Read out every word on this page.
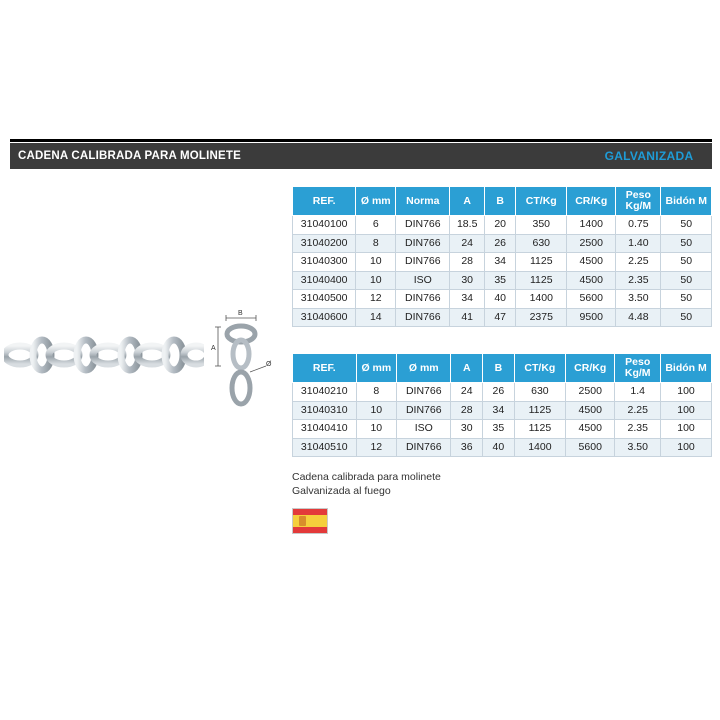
CADENA CALIBRADA PARA MOLINETE	GALVANIZADA
B
A
Ø
REF.	Ø mm	Norma	A	B	CT/Kg	CR/Kg	Peso
Kg/M	Bidón M
31040100	6	DIN766	18.5	20	350	1400	0.75	50
31040200	8	DIN766	24	26	630	2500	1.40	50
31040300	10	DIN766	28	34	1125	4500	2.25	50
31040400	10	ISO	30	35	1125	4500	2.35	50
31040500	12	DIN766	34	40	1400	5600	3.50	50
31040600	14	DIN766	41	47	2375	9500	4.48	50
REF.	Ø mm	Ø mm	A	B	CT/Kg	CR/Kg	Peso
Kg/M	Bidón M
31040210	8	DIN766	24	26	630	2500	1.4	100
31040310	10	DIN766	28	34	1125	4500	2.25	100
31040410	10	ISO	30	35	1125	4500	2.35	100
31040510	12	DIN766	36	40	1400	5600	3.50	100
Cadena calibrada para molinete
Galvanizada al fuego
